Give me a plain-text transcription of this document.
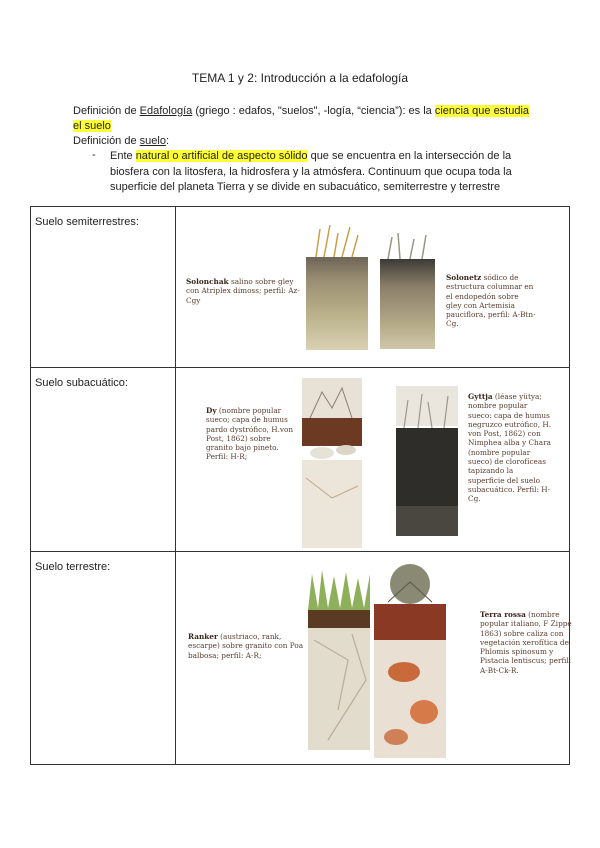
TEMA 1 y 2: Introducción a la edafología
Definición de Edafología (griego : edafos, "suelos", -logía, “ciencia”): es la ciencia que estudia el suelo
Definición de suelo:
- Ente natural o artificial de aspecto sólido que se encuentra en la intersección de la biosfera con la litosfera, la hidrosfera y la atmósfera. Continuum que ocupa toda la superficie del planeta Tierra y se divide en subacuático, semiterrestre y terrestre
Suelo semiterrestres:	Solonchak salino sobre gley con Atriplex dimoss; perfil: Az-Cgy
Solonetz sódico de estructura columnar en el endopedón sobre gley con Artemisia pauciflora, perfil: A-Btn-Cg.

Suelo subacuático:	Dy (nombre popular sueco; capa de humus pardo dystrófico, H.von Post, 1862) sobre granito bajo pineto. Perfil: H-R;
Gyttja (léase yütya; nombre popular sueco: capa de humus negruzco eutrófico, H. von Post, 1862) con Nimphea alba y Chara (nombre popular sueco) de clorofíceas tapizando la superficie del suelo subacuático. Perfil: H-Cg.

Suelo terrestre:	Ranker (austriaco, rank, escarpe) sobre granito con Poa balbosa; perfil: A-R;
Terra rossa (nombre popular italiano, F Zippe 1863) sobre caliza con vegetación xerofítica de Phlomis spinosum y Pistacia lentiscus; perfil: A-Bt-Ck-R.
